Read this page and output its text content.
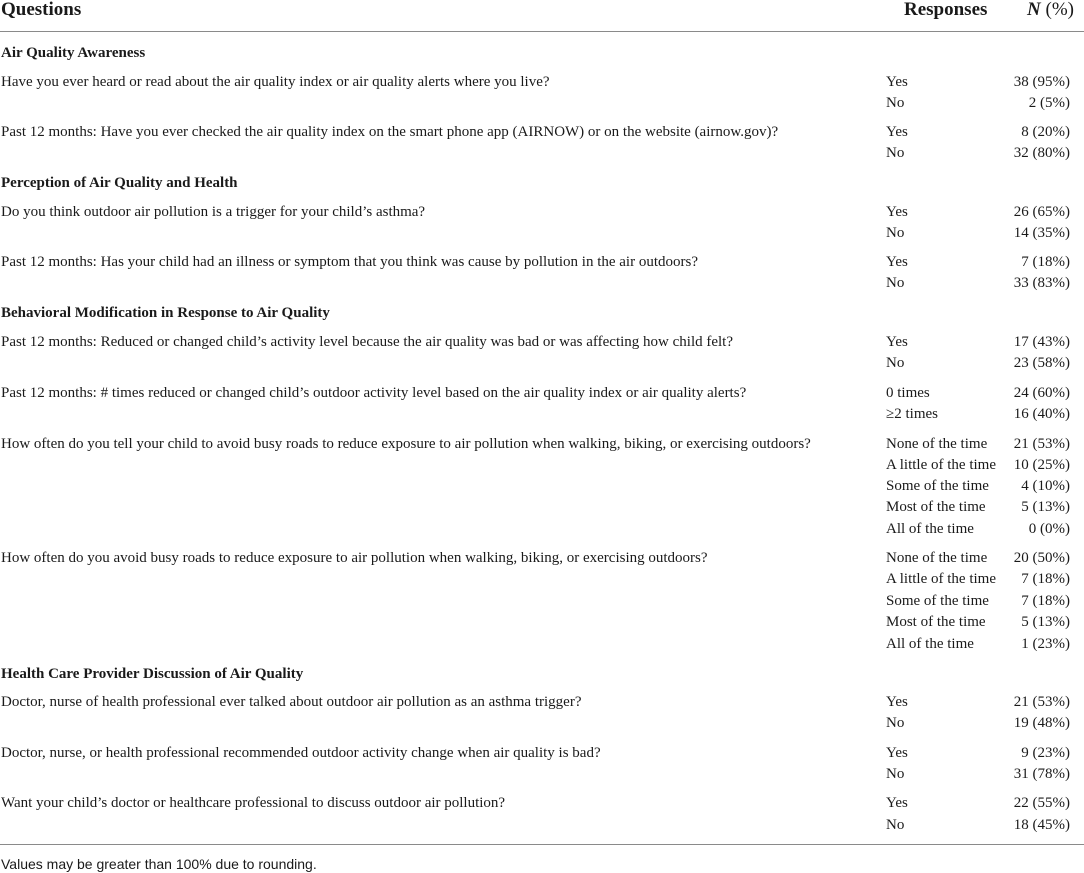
Questions	Responses N (%)
Air Quality Awareness
Have you ever heard or read about the air quality index or air quality alerts where you live?	Yes	38 (95%)
No	2 (5%)
Past 12 months: Have you ever checked the air quality index on the smart phone app (AIRNOW) or on the website (airnow.gov)?	Yes	8 (20%)
No	32 (80%)
Perception of Air Quality and Health
Do you think outdoor air pollution is a trigger for your child’s asthma?	Yes	26 (65%)
No	14 (35%)
Past 12 months: Has your child had an illness or symptom that you think was cause by pollution in the air outdoors?	Yes	7 (18%)
No	33 (83%)
Behavioral Modification in Response to Air Quality
Past 12 months: Reduced or changed child’s activity level because the air quality was bad or was affecting how child felt?	Yes	17 (43%)
No	23 (58%)
Past 12 months: # times reduced or changed child’s outdoor activity level based on the air quality index or air quality alerts?	0 times	24 (60%)
≥2 times	16 (40%)
How often do you tell your child to avoid busy roads to reduce exposure to air pollution when walking, biking, or exercising outdoors?	None of the time 21 (53%)
A little of the time 10 (25%)
Some of the time 4 (10%)
Most of the time 5 (13%)
All of the time	0 (0%)
How often do you avoid busy roads to reduce exposure to air pollution when walking, biking, or exercising outdoors?	None of the time 20 (50%)
A little of the time 7 (18%)
Some of the time 7 (18%)
Most of the time 5 (13%)
All of the time	1 (23%)
Health Care Provider Discussion of Air Quality
Doctor, nurse of health professional ever talked about outdoor air pollution as an asthma trigger?	Yes	21 (53%)
No	19 (48%)
Doctor, nurse, or health professional recommended outdoor activity change when air quality is bad?	Yes	9 (23%)
No	31 (78%)
Want your child’s doctor or healthcare professional to discuss outdoor air pollution?	Yes	22 (55%)
No	18 (45%)
Values may be greater than 100% due to rounding.
